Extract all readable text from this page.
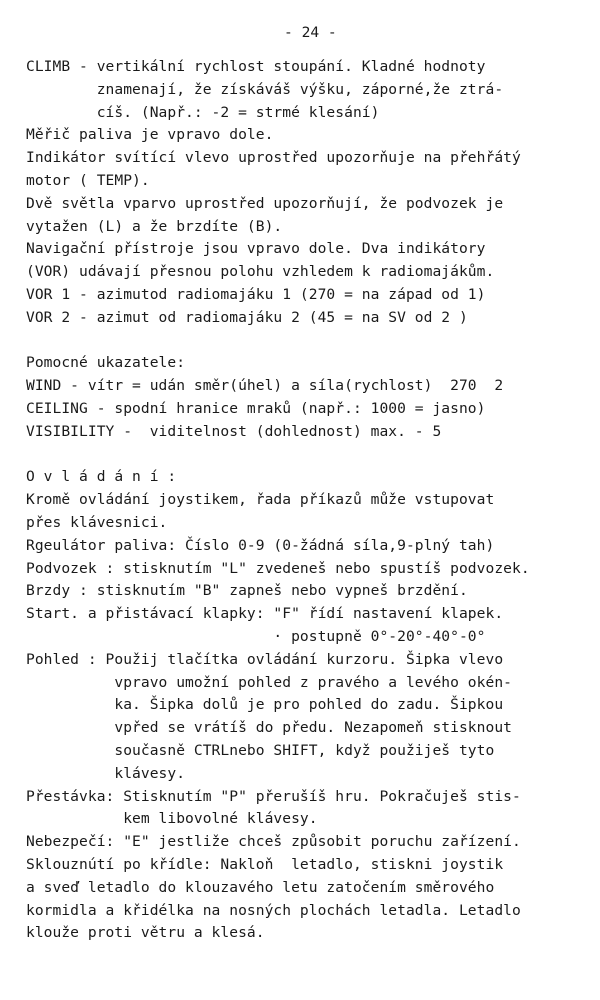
- 24 -
CLIMB - vertikální rychlost stoupání. Kladné hodnoty
znamenají, že získáváš výšku, záporné,že ztrá-
cíš. (Např.: -2 = strmé klesání)
Měřič paliva je vpravo dole.
Indikátor svítící vlevo uprostřed upozorňuje na přehřátý
motor ( TEMP).
Dvě světla vparvo uprostřed upozorňují, že podvozek je
vytažen (L) a že brzdíte (B).
Navigační přístroje jsou vpravo dole. Dva indikátory
(VOR) udávají přesnou polohu vzhledem k radiomajákům.
VOR 1 - azimutod radiomajáku 1 (270 = na západ od 1)
VOR 2 - azimut od radiomajáku 2 (45 = na SV od 2 )
Pomocné ukazatele:
WIND - vítr = udán směr(úhel) a síla(rychlost)  270  2
CEILING - spodní hranice mraků (např.: 1000 = jasno)
VISIBILITY -  viditelnost (dohlednost) max. - 5
O v l á d á n í :
Kromě ovládání joystikem, řada příkazů může vstupovat
přes klávesnici.
Rgeulátor paliva: Číslo 0-9 (0-žádná síla,9-plný tah)
Podvozek : stisknutím "L" zvedeneš nebo spustíš podvozek.
Brzdy : stisknutím "B" zapneš nebo vypneš brzdění.
Start. a přistávací klapky: "F" řídí nastavení klapek.
· postupně 0°-20°-40°-0°
Pohled : Použij tlačítka ovládání kurzoru. Šipka vlevo
vpravo umožní pohled z pravého a levého okén-
ka. Šipka dolů je pro pohled do zadu. Šipkou
vpřed se vrátíš do předu. Nezapomeň stisknout
současně CTRLnebo SHIFT, když použiješ tyto
klávesy.
Přestávka: Stisknutím "P" přerušíš hru. Pokračuješ stis-
kem libovolné klávesy.
Nebezpečí: "E" jestliže chceš způsobit poruchu zařízení.
Sklouznútí po křídle: Nakloň  letadlo, stiskni joystik
a sveď letadlo do klouzavého letu zatočením směrového
kormidla a křidélka na nosných plochách letadla. Letadlo
klouže proti větru a klesá.
